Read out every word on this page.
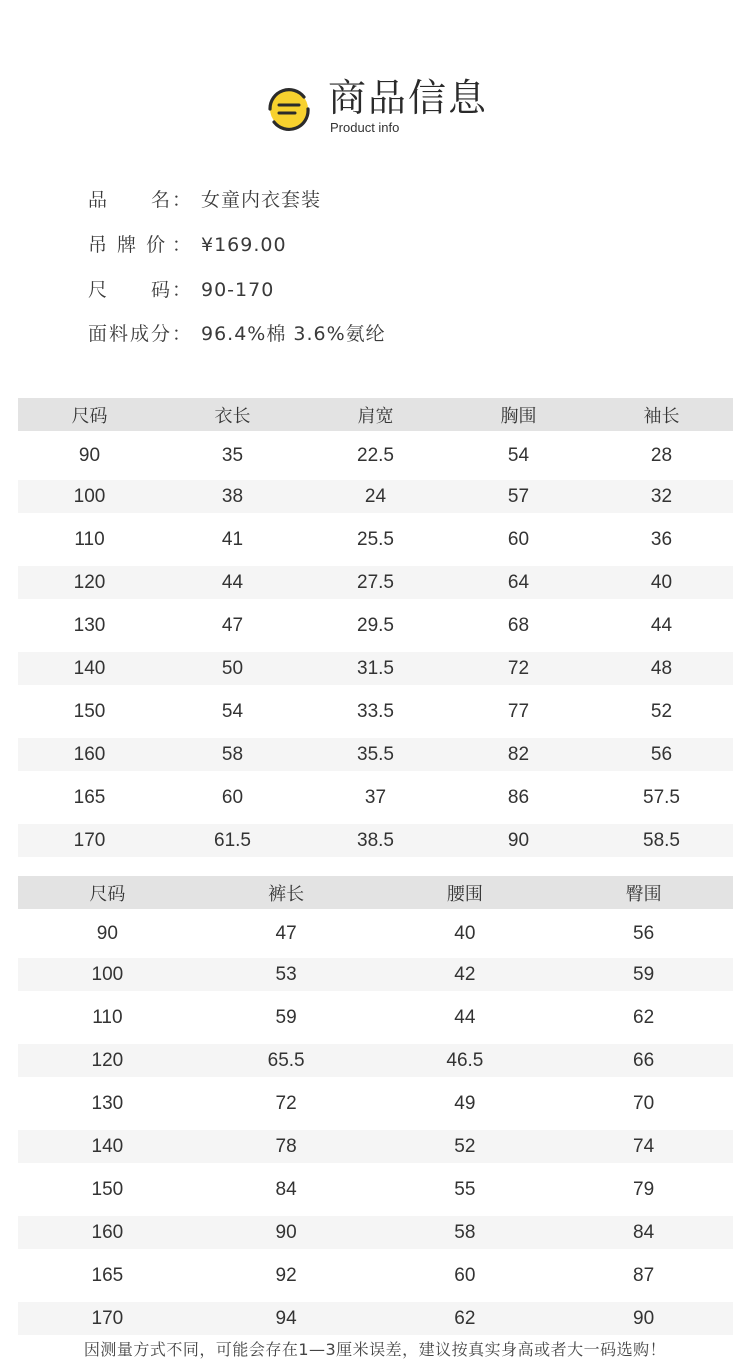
商品信息
Product info
品　　名 ： 女童内衣套装
吊 牌 价 ： ¥169.00
尺　　码 ： 90-170
面料成分 ： 96.4%棉 3.6%氨纶
尺码	衣长	肩宽	胸围	袖长
90	35	22.5	54	28
100	38	24	57	32
110	41	25.5	60	36
120	44	27.5	64	40
130	47	29.5	68	44
140	50	31.5	72	48
150	54	33.5	77	52
160	58	35.5	82	56
165	60	37	86	57.5
170	61.5	38.5	90	58.5
尺码	裤长	腰围	臀围
90	47	40	56
100	53	42	59
110	59	44	62
120	65.5	46.5	66
130	72	49	70
140	78	52	74
150	84	55	79
160	90	58	84
165	92	60	87
170	94	62	90
因测量方式不同，可能会存在1—3厘米误差，建议按真实身高或者大一码选购！
